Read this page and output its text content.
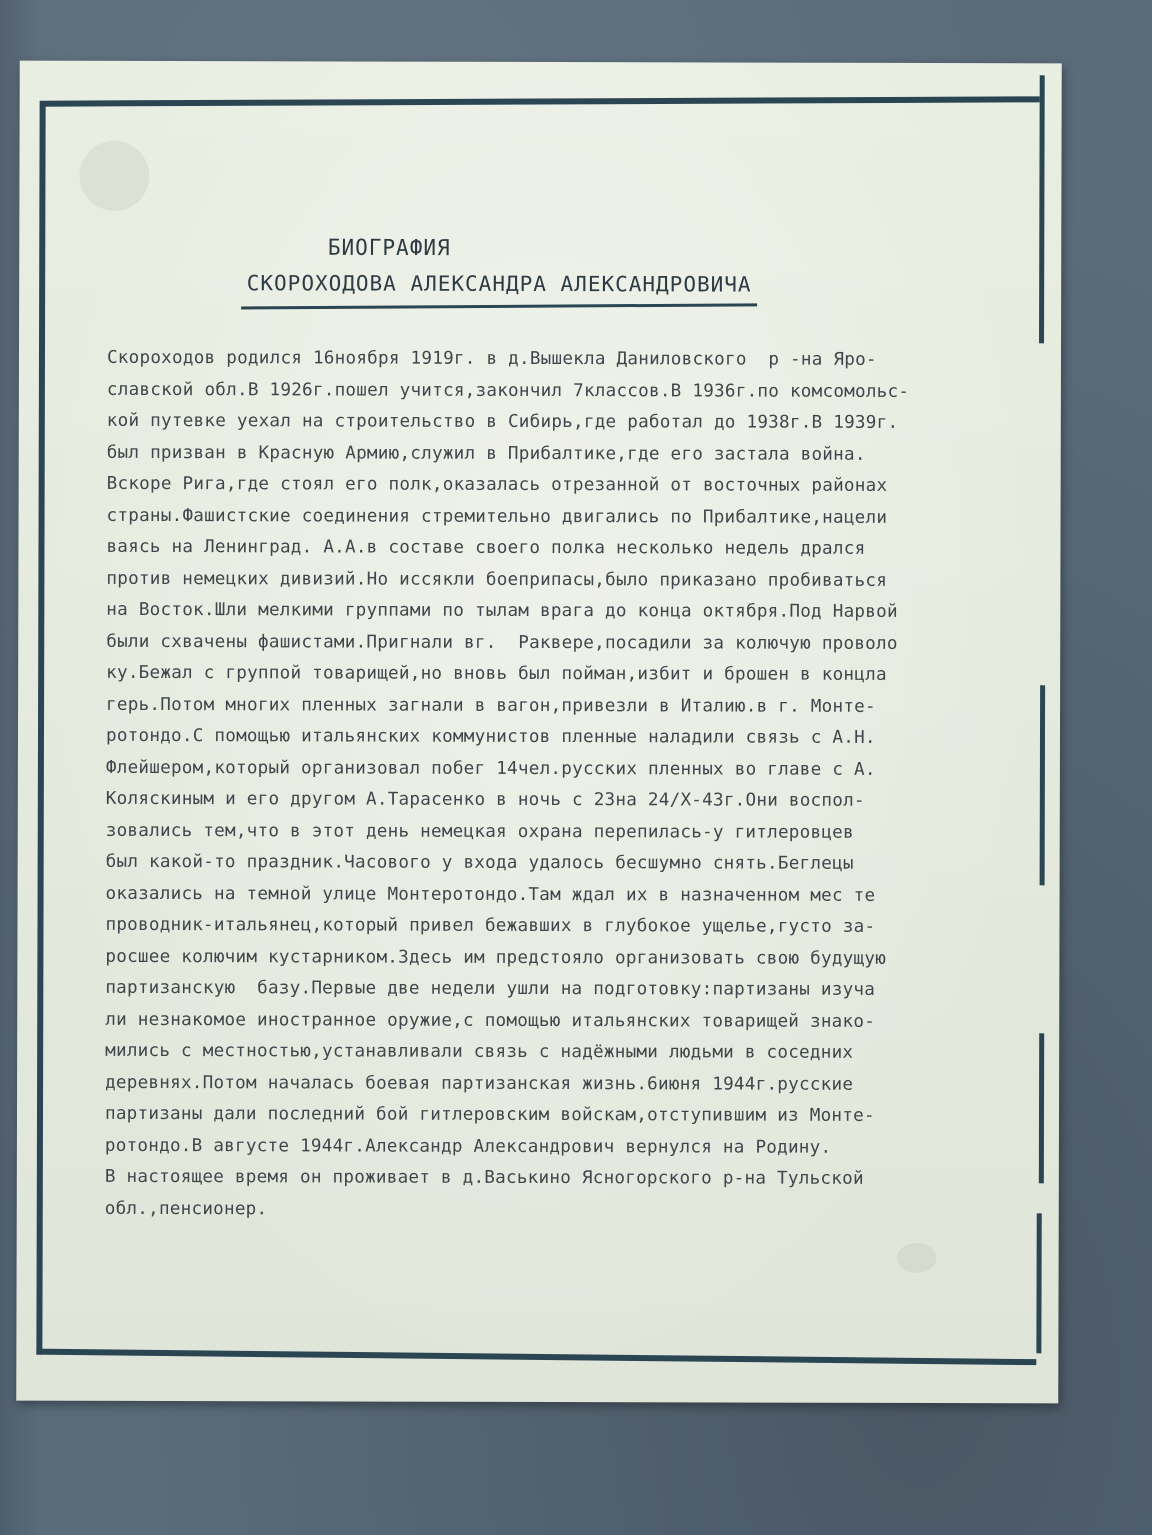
БИОГРАФИЯ
СКОРОХОДОВА АЛЕКСАНДРА АЛЕКСАНДРОВИЧА
Скороходов родился 16ноября 1919г. в д.Вышекла Даниловского  р -на Яро-
славской обл.В 1926г.пошел учится,закончил 7классов.В 1936г.по комсомольс-
кой путевке уехал на строительство в Сибирь,где работал до 1938г.В 1939г.
был призван в Красную Армию,служил в Прибалтике,где его застала война.
Вскоре Рига,где стоял его полк,оказалась отрезанной от восточных районах
страны.Фашистские соединения стремительно двигались по Прибалтике,нацели
ваясь на Ленинград. А.А.в составе своего полка несколько недель дрался
против немецких дивизий.Но иссякли боеприпасы,было приказано пробиваться
на Восток.Шли мелкими группами по тылам врага до конца октября.Под Нарвой
были схвачены фашистами.Пригнали вг.  Раквере,посадили за колючую проволо
ку.Бежал с группой товарищей,но вновь был пойман,избит и брошен в концла
герь.Потом многих пленных загнали в вагон,привезли в Италию.в г. Монте-
ротондо.С помощью итальянских коммунистов пленные наладили связь с А.Н.
Флейшером,который организовал побег 14чел.русских пленных во главе с А.
Коляскиным и его другом А.Тарасенко в ночь с 23на 24/Х-43г.Они воспол-
зовались тем,что в этот день немецкая охрана перепилась-у гитлеровцев
был какой-то праздник.Часового у входа удалось бесшумно снять.Беглецы
оказались на темной улице Монтеротондо.Там ждал их в назначенном мес те
проводник-итальянец,который привел бежавших в глубокое ущелье,густо за-
росшее колючим кустарником.Здесь им предстояло организовать свою будущую
партизанскую  базу.Первые две недели ушли на подготовку:партизаны изуча
ли незнакомое иностранное оружие,с помощью итальянских товарищей знако-
мились с местностью,устанавливали связь с надёжными людьми в соседних
деревнях.Потом началась боевая партизанская жизнь.6июня 1944г.русские
партизаны дали последний бой гитлеровским войскам,отступившим из Монте-
ротондо.В августе 1944г.Александр Александрович вернулся на Родину.
В настоящее время он проживает в д.Васькино Ясногорского р-на Тульской
обл.,пенсионер.
